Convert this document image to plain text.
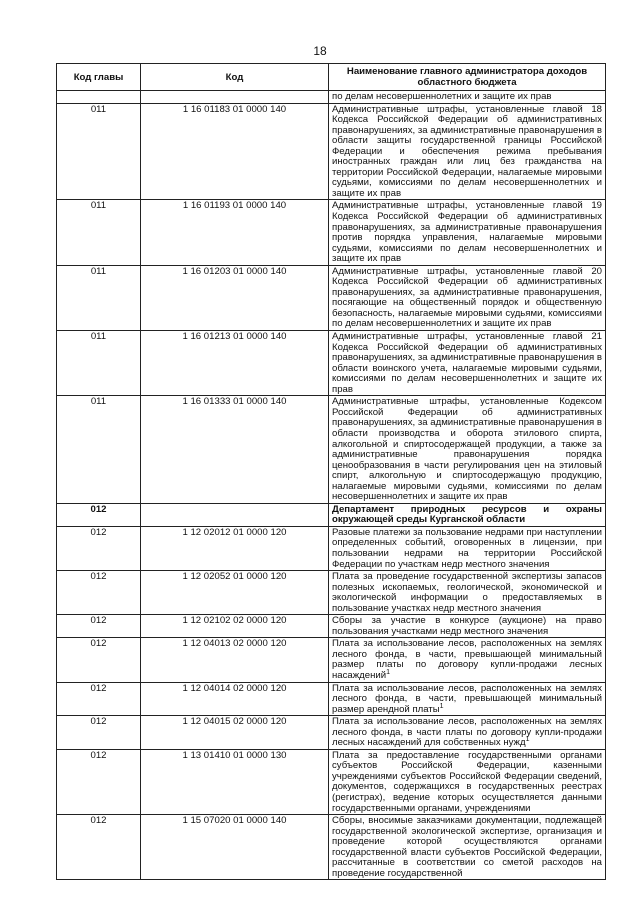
18
Код главы	Код	Наименование главного администратора доходов областного бюджета
		по делам несовершеннолетних и защите их прав
011	1 16 01183 01 0000 140	Административные штрафы, установленные главой 18 Кодекса Российской Федерации об административных правонарушениях, за административные правонарушения в области защиты государственной границы Российской Федерации и обеспечения режима пребывания иностранных граждан или лиц без гражданства на территории Российской Федерации, налагаемые мировыми судьями, комиссиями по делам несовершеннолетних и защите их прав
011	1 16 01193 01 0000 140	Административные штрафы, установленные главой 19 Кодекса Российской Федерации об административных правонарушениях, за административные правонарушения против порядка управления, налагаемые мировыми судьями, комиссиями по делам несовершеннолетних и защите их прав
011	1 16 01203 01 0000 140	Административные штрафы, установленные главой 20 Кодекса Российской Федерации об административных правонарушениях, за административные правонарушения, посягающие на общественный порядок и общественную безопасность, налагаемые мировыми судьями, комиссиями по делам несовершеннолетних и защите их прав
011	1 16 01213 01 0000 140	Административные штрафы, установленные главой 21 Кодекса Российской Федерации об административных правонарушениях, за административные правонарушения в области воинского учета, налагаемые мировыми судьями, комиссиями по делам несовершеннолетних и защите их прав
011	1 16 01333 01 0000 140	Административные штрафы, установленные Кодексом Российской Федерации об административных правонарушениях, за административные правонарушения в области производства и оборота этилового спирта, алкогольной и спиртосодержащей продукции, а также за административные правонарушения порядка ценообразования в части регулирования цен на этиловый спирт, алкогольную и спиртосодержащую продукцию, налагаемые мировыми судьями, комиссиями по делам несовершеннолетних и защите их прав
012		Департамент природных ресурсов и охраны окружающей среды Курганской области
012	1 12 02012 01 0000 120	Разовые платежи за пользование недрами при наступлении определенных событий, оговоренных в лицензии, при пользовании недрами на территории Российской Федерации по участкам недр местного значения
012	1 12 02052 01 0000 120	Плата за проведение государственной экспертизы запасов полезных ископаемых, геологической, экономической и экологической информации о предоставляемых в пользование участках недр местного значения
012	1 12 02102 02 0000 120	Сборы за участие в конкурсе (аукционе) на право пользования участками недр местного значения
012	1 12 04013 02 0000 120	Плата за использование лесов, расположенных на землях лесного фонда, в части, превышающей минимальный размер платы по договору купли-продажи лесных насаждений$^1$
012	1 12 04014 02 0000 120	Плата за использование лесов, расположенных на землях лесного фонда, в части, превышающей минимальный размер арендной платы$^1$
012	1 12 04015 02 0000 120	Плата за использование лесов, расположенных на землях лесного фонда, в части платы по договору купли-продажи лесных насаждений для собственных нужд$^1$
012	1 13 01410 01 0000 130	Плата за предоставление государственными органами субъектов Российской Федерации, казенными учреждениями субъектов Российской Федерации сведений, документов, содержащихся в государственных реестрах (регистрах), ведение которых осуществляется данными государственными органами, учреждениями
012	1 15 07020 01 0000 140	Сборы, вносимые заказчиками документации, подлежащей государственной экологической экспертизе, организация и проведение которой осуществляются органами государственной власти субъектов Российской Федерации, рассчитанные в соответствии со сметой расходов на проведение государственной
